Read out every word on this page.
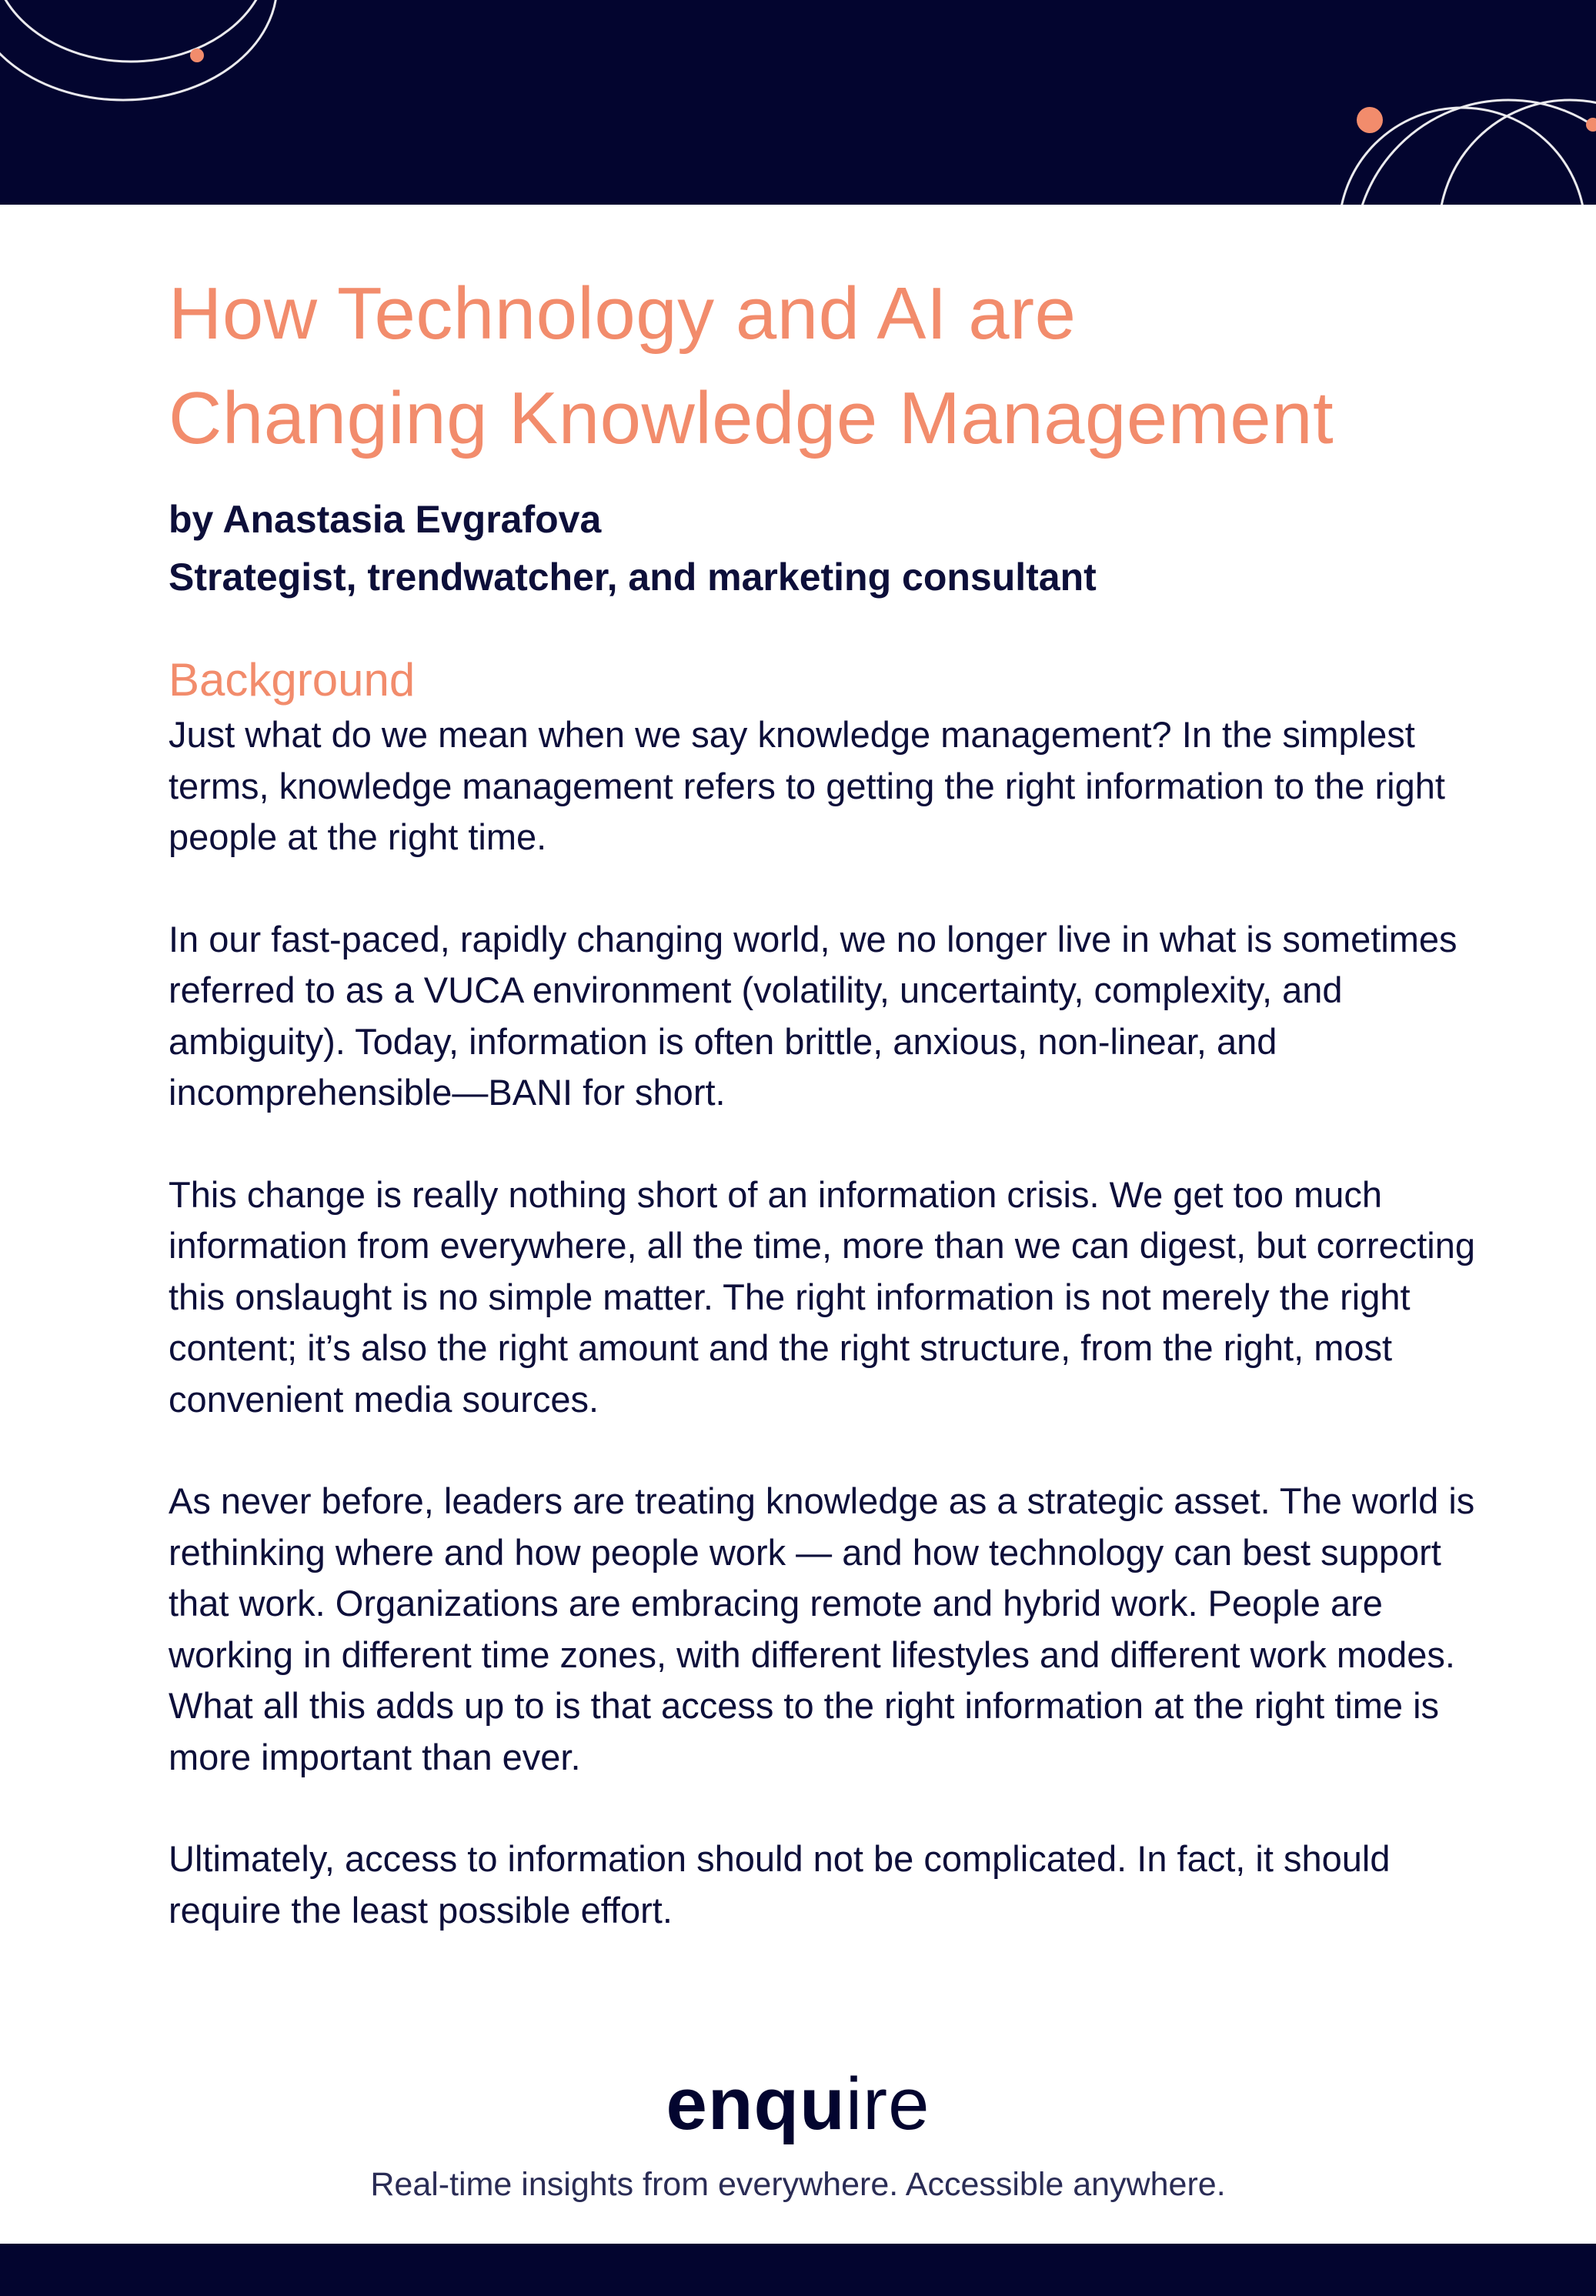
How Technology and AI are
Changing Knowledge Management

by Anastasia Evgrafova
Strategist, trendwatcher, and marketing consultant

Background

Just what do we mean when we say knowledge management? In the simplest terms, knowledge management refers to getting the right information to the right people at the right time.

In our fast-paced, rapidly changing world, we no longer live in what is sometimes referred to as a VUCA environment (volatility, uncertainty, complexity, and ambiguity). Today, information is often brittle, anxious, non-linear, and incomprehensible—BANI for short.

This change is really nothing short of an information crisis. We get too much information from everywhere, all the time, more than we can digest, but correcting this onslaught is no simple matter. The right information is not merely the right content; it’s also the right amount and the right structure, from the right, most convenient media sources.

As never before, leaders are treating knowledge as a strategic asset. The world is rethinking where and how people work — and how technology can best support that work. Organizations are embracing remote and hybrid work. People are working in different time zones, with different lifestyles and different work modes. What all this adds up to is that access to the right information at the right time is more important than ever.

Ultimately, access to information should not be complicated. In fact, it should require the least possible effort.

enquire
Real-time insights from everywhere. Accessible anywhere.
